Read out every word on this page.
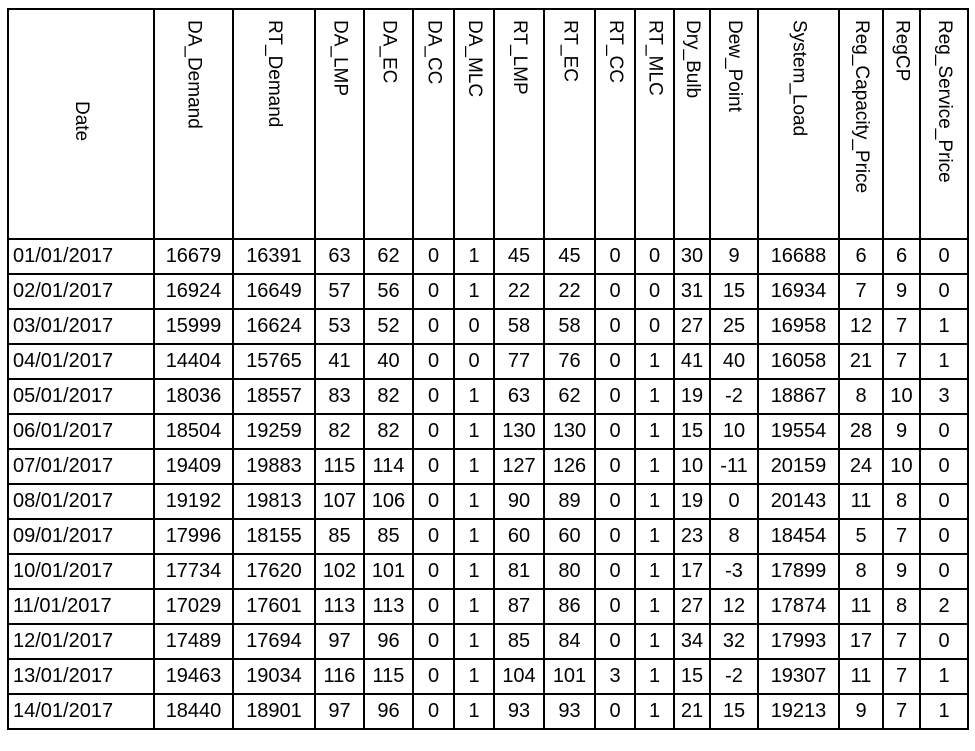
Date	DA_Demand	RT_Demand	DA_LMP	DA_EC	DA_CC	DA_MLC	RT_LMP	RT_EC	RT_CC	RT_MLC	Dry_Bulb	Dew_Point	System_Load	Reg_Capacity_Price	RegCP	Reg_Service_Price
01/01/2017	16679	16391	63	62	0	1	45	45	0	0	30	9	16688	6	6	0
02/01/2017	16924	16649	57	56	0	1	22	22	0	0	31	15	16934	7	9	0
03/01/2017	15999	16624	53	52	0	0	58	58	0	0	27	25	16958	12	7	1
04/01/2017	14404	15765	41	40	0	0	77	76	0	1	41	40	16058	21	7	1
05/01/2017	18036	18557	83	82	0	1	63	62	0	1	19	-2	18867	8	10	3
06/01/2017	18504	19259	82	82	0	1	130	130	0	1	15	10	19554	28	9	0
07/01/2017	19409	19883	115	114	0	1	127	126	0	1	10	-11	20159	24	10	0
08/01/2017	19192	19813	107	106	0	1	90	89	0	1	19	0	20143	11	8	0
09/01/2017	17996	18155	85	85	0	1	60	60	0	1	23	8	18454	5	7	0
10/01/2017	17734	17620	102	101	0	1	81	80	0	1	17	-3	17899	8	9	0
11/01/2017	17029	17601	113	113	0	1	87	86	0	1	27	12	17874	11	8	2
12/01/2017	17489	17694	97	96	0	1	85	84	0	1	34	32	17993	17	7	0
13/01/2017	19463	19034	116	115	0	1	104	101	3	1	15	-2	19307	11	7	1
14/01/2017	18440	18901	97	96	0	1	93	93	0	1	21	15	19213	9	7	1
